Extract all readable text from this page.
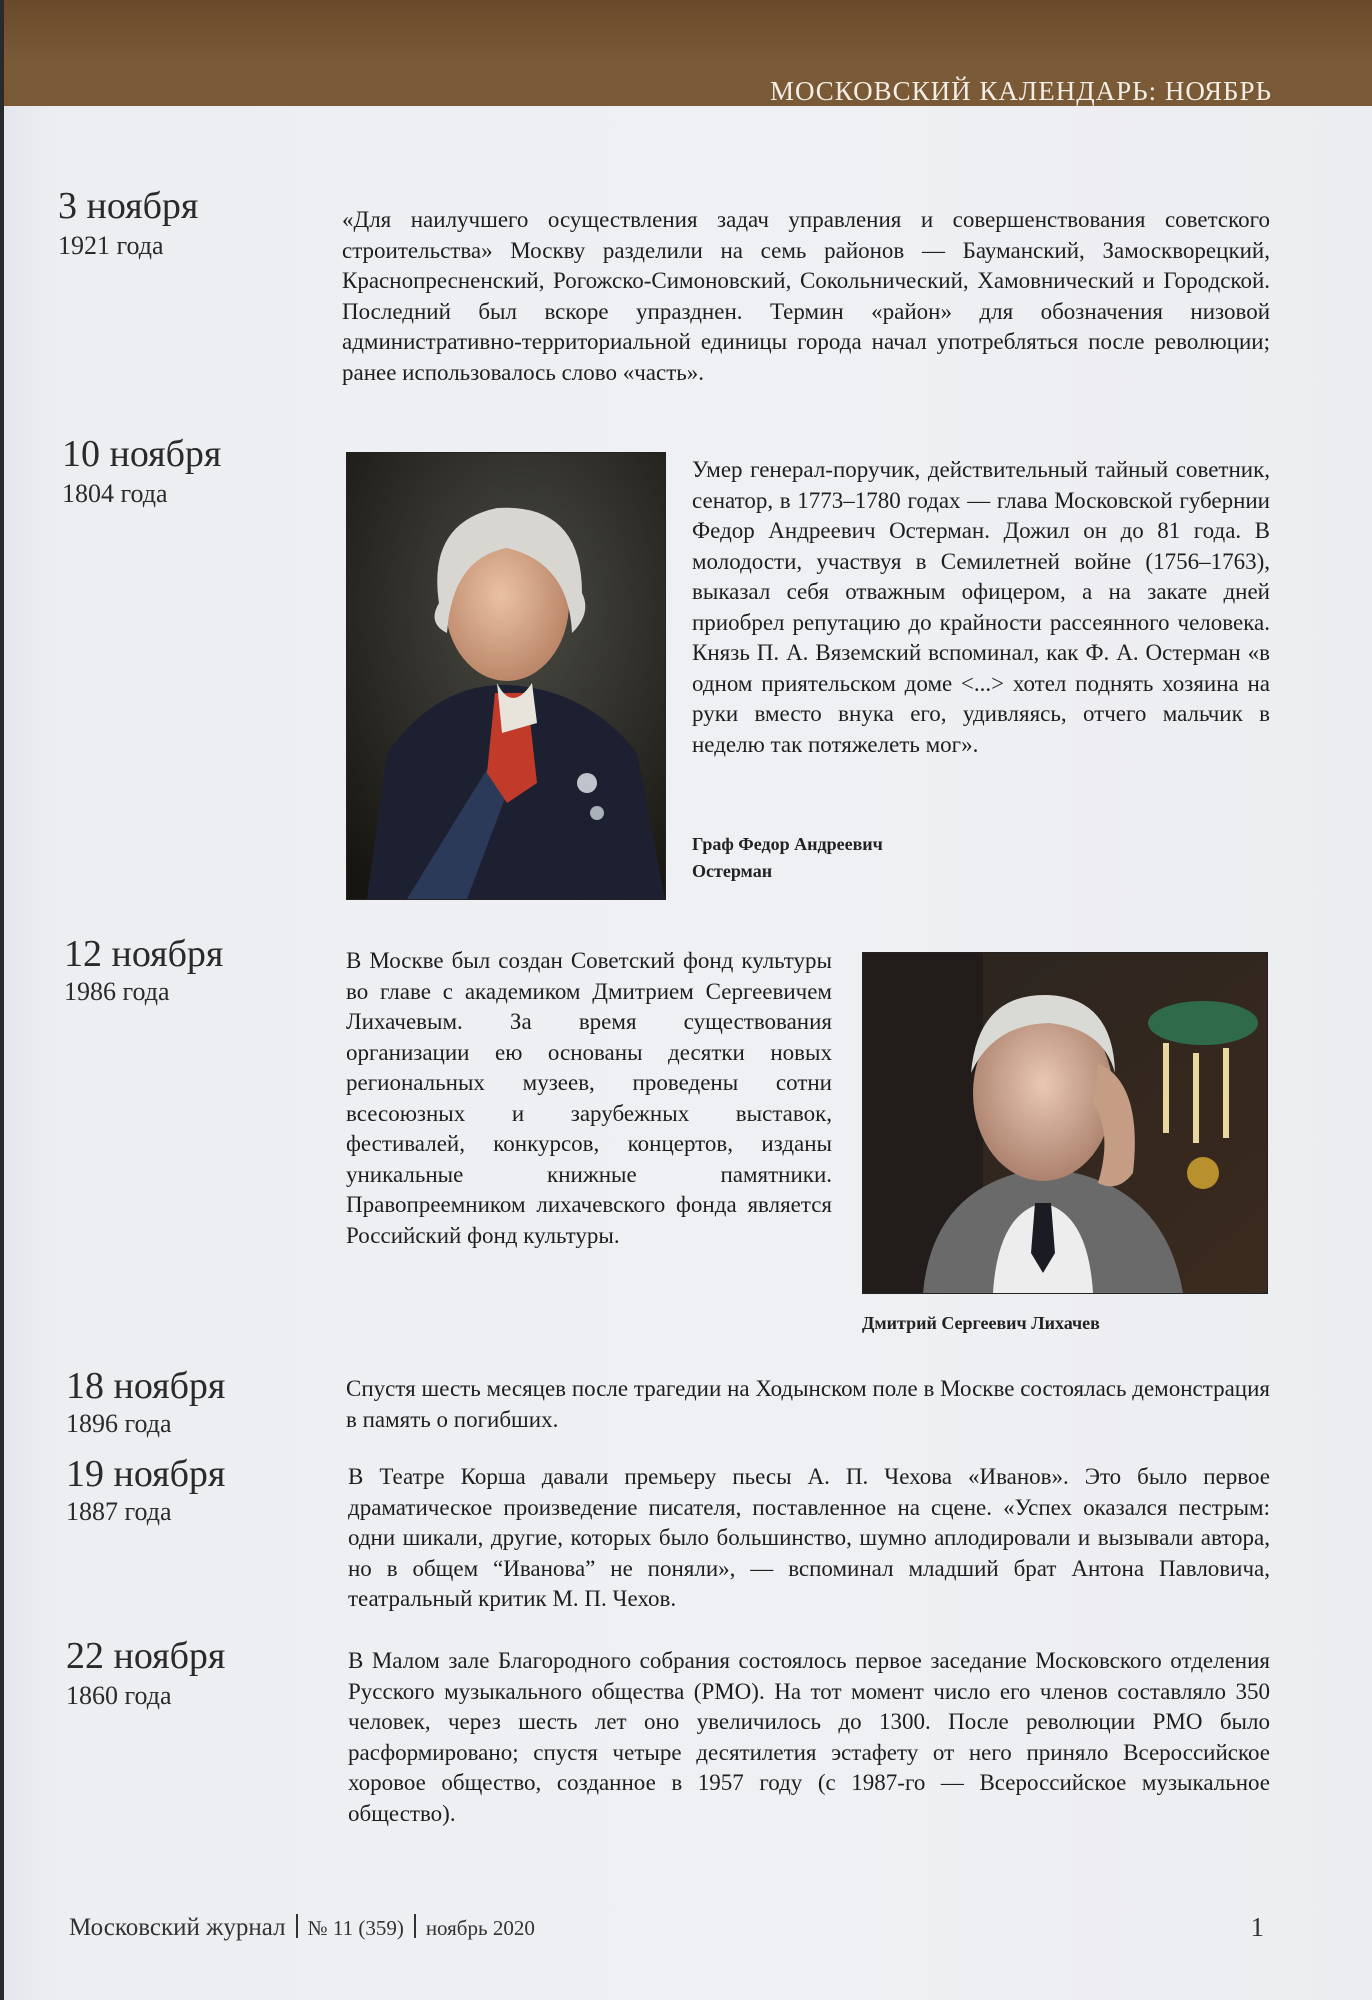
МОСКОВСКИЙ КАЛЕНДАРЬ: НОЯБРЬ
3 ноября
1921 года
«Для наилучшего осуществления задач управления и совершенствования советского строительства» Москву разделили на семь районов — Бауманский, Замоскворецкий, Краснопресненский, Рогожско-Симоновский, Сокольнический, Хамовнический и Городской. Последний был вскоре упразднен. Термин «район» для обозначения низовой административно-территориальной единицы города начал употребляться после революции; ранее использовалось слово «часть».
10 ноября
1804 года
Умер генерал-поручик, действительный тайный советник, сенатор, в 1773–1780 годах — глава Московской губернии Федор Андреевич Остерман. Дожил он до 81 года. В молодости, участвуя в Семилетней войне (1756–1763), выказал себя отважным офицером, а на закате дней приобрел репутацию до крайности рассеянного человека. Князь П. А. Вяземский вспоминал, как Ф. А. Остерман «в одном приятельском доме <...> хотел поднять хозяина на руки вместо внука его, удивляясь, отчего мальчик в неделю так потяжелеть мог».
Граф Федор Андреевич
Остерман
12 ноября
1986 года
В Москве был создан Советский фонд культуры во главе с академиком Дмитрием Сергеевичем Лихачевым. За время существования организации ею основаны десятки новых региональных музеев, проведены сотни всесоюзных и зарубежных выставок, фестивалей, конкурсов, концертов, изданы уникальные книжные памятники. Правопреемником лихачевского фонда является Российский фонд культуры.
Дмитрий Сергеевич Лихачев
18 ноября
1896 года
Спустя шесть месяцев после трагедии на Ходынском поле в Москве состоялась демонстрация в память о погибших.
19 ноября
1887 года
В Театре Корша давали премьеру пьесы А. П. Чехова «Иванов». Это было первое драматическое произведение писателя, поставленное на сцене. «Успех оказался пестрым: одни шикали, другие, которых было большинство, шумно аплодировали и вызывали автора, но в общем “Иванова” не поняли», — вспоминал младший брат Антона Павловича, театральный критик М. П. Чехов.
22 ноября
1860 года
В Малом зале Благородного собрания состоялось первое заседание Московского отделения Русского музыкального общества (РМО). На тот момент число его членов составляло 350 человек, через шесть лет оно увеличилось до 1300. После революции РМО было расформировано; спустя четыре десятилетия эстафету от него приняло Всероссийское хоровое общество, созданное в 1957 году (с 1987-го — Всероссийское музыкальное общество).
Московский журнал № 11 (359) ноябрь 2020	1
